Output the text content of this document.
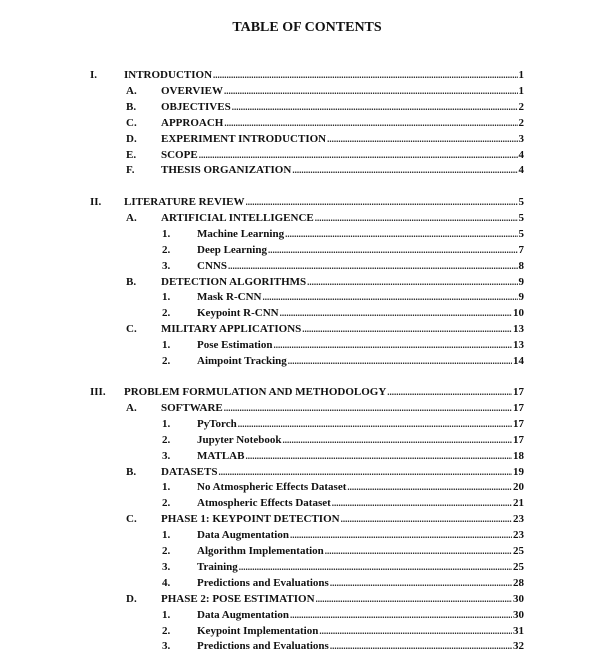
TABLE OF CONTENTS
I. INTRODUCTION .....	1
A. OVERVIEW .....	1
B. OBJECTIVES .....	2
C. APPROACH .....	2
D. EXPERIMENT INTRODUCTION .....	3
E. SCOPE .....	4
F. THESIS ORGANIZATION .....	4
II. LITERATURE REVIEW .....	5
A. ARTIFICIAL INTELLIGENCE .....	5
1. Machine Learning .....	5
2. Deep Learning .....	7
3. CNNS .....	8
B. DETECTION ALGORITHMS .....	9
1. Mask R-CNN .....	9
2. Keypoint R-CNN .....	10
C. MILITARY APPLICATIONS .....	13
1. Pose Estimation .....	13
2. Aimpoint Tracking .....	14
III. PROBLEM FORMULATION AND METHODOLOGY .....	17
A. SOFTWARE .....	17
1. PyTorch .....	17
2. Jupyter Notebook .....	17
3. MATLAB .....	18
B. DATASETS .....	19
1. No Atmospheric Effects Dataset .....	20
2. Atmospheric Effects Dataset .....	21
C. PHASE 1: KEYPOINT DETECTION .....	23
1. Data Augmentation .....	23
2. Algorithm Implementation .....	25
3. Training .....	25
4. Predictions and Evaluations .....	28
D. PHASE 2: POSE ESTIMATION .....	30
1. Data Augmentation .....	30
2. Keypoint Implementation .....	31
3. Predictions and Evaluations .....	32
